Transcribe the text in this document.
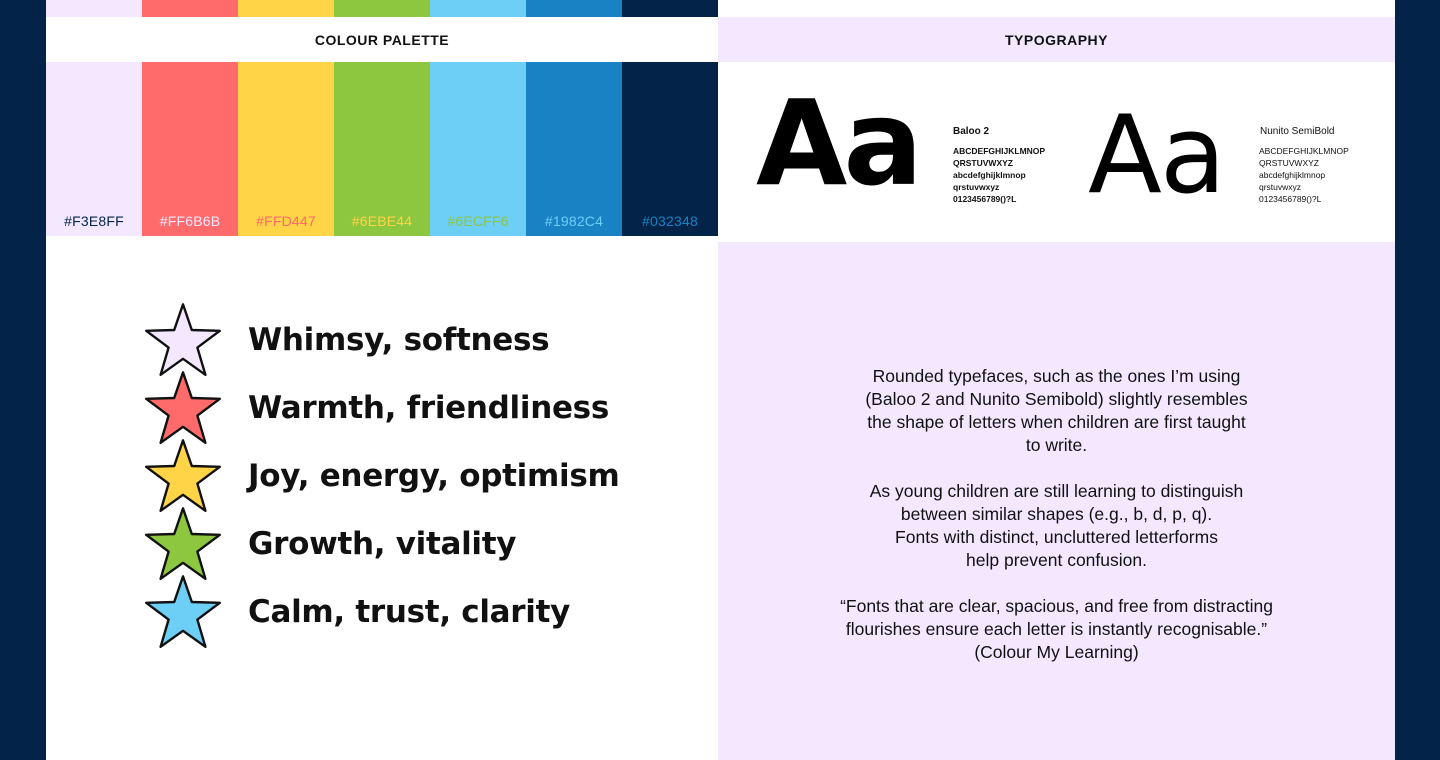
COLOUR PALETTE	TYPOGRAPHY
#F3E8FF	#FF6B6B	#FFD447	#6EBE44	#6ECFF6	#1982C4	#032348
Aa	Baloo 2
ABCDEFGHIJKLMNOP
QRSTUVWXYZ
abcdefghijklmnop
qrstuvwxyz
0123456789()?L Aa	Nunito SemiBold
ABCDEFGHIJKLMNOP
QRSTUVWXYZ
abcdefghijklmnop
qrstuvwxyz
0123456789()?L
Whimsy, softness
Warmth, friendliness
Joy, energy, optimism
Growth, vitality
Calm, trust, clarity

Rounded typefaces, such as the ones I’m using
(Baloo 2 and Nunito Semibold) slightly resembles
the shape of letters when children are first taught
to write.

As young children are still learning to distinguish
between similar shapes (e.g., b, d, p, q).
Fonts with distinct, uncluttered letterforms
help prevent confusion.

“Fonts that are clear, spacious, and free from distracting
flourishes ensure each letter is instantly recognisable.”
(Colour My Learning)
